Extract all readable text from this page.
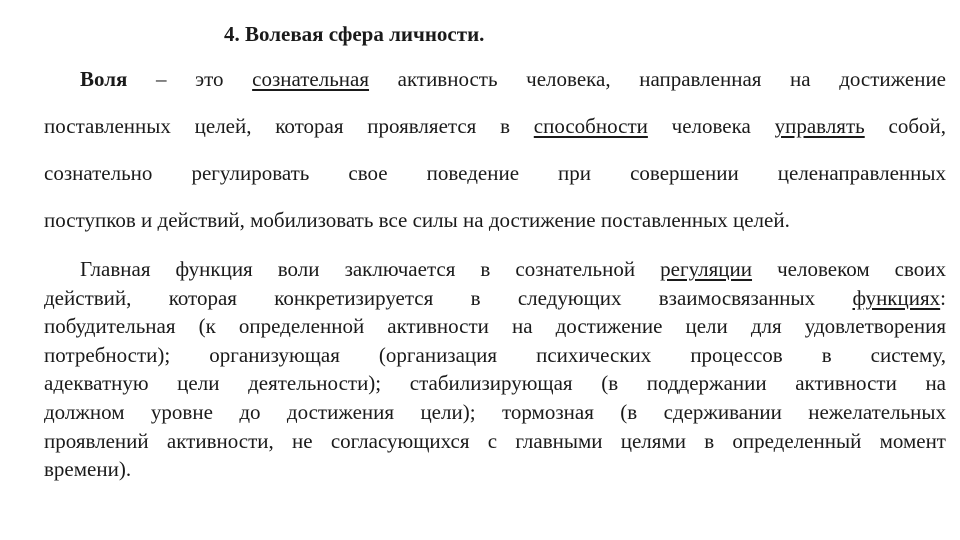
4. Волевая сфера личности.
Воля – это сознательная активность человека, направленная на достижение
поставленных целей, которая проявляется в способности человека управлять собой,
сознательно регулировать свое поведение при совершении целенаправленных
поступков и действий, мобилизовать все силы на достижение поставленных целей.
Главная функция воли заключается в сознательной регуляции человеком своих
действий, которая конкретизируется в следующих взаимосвязанных функциях:
побудительная (к определенной активности на достижение цели для удовлетворения
потребности); организующая (организация психических процессов в систему,
адекватную цели деятельности); стабилизирующая (в поддержании активности на
должном уровне до достижения цели); тормозная (в сдерживании нежелательных
проявлений активности, не согласующихся с главными целями в определенный момент
времени).
